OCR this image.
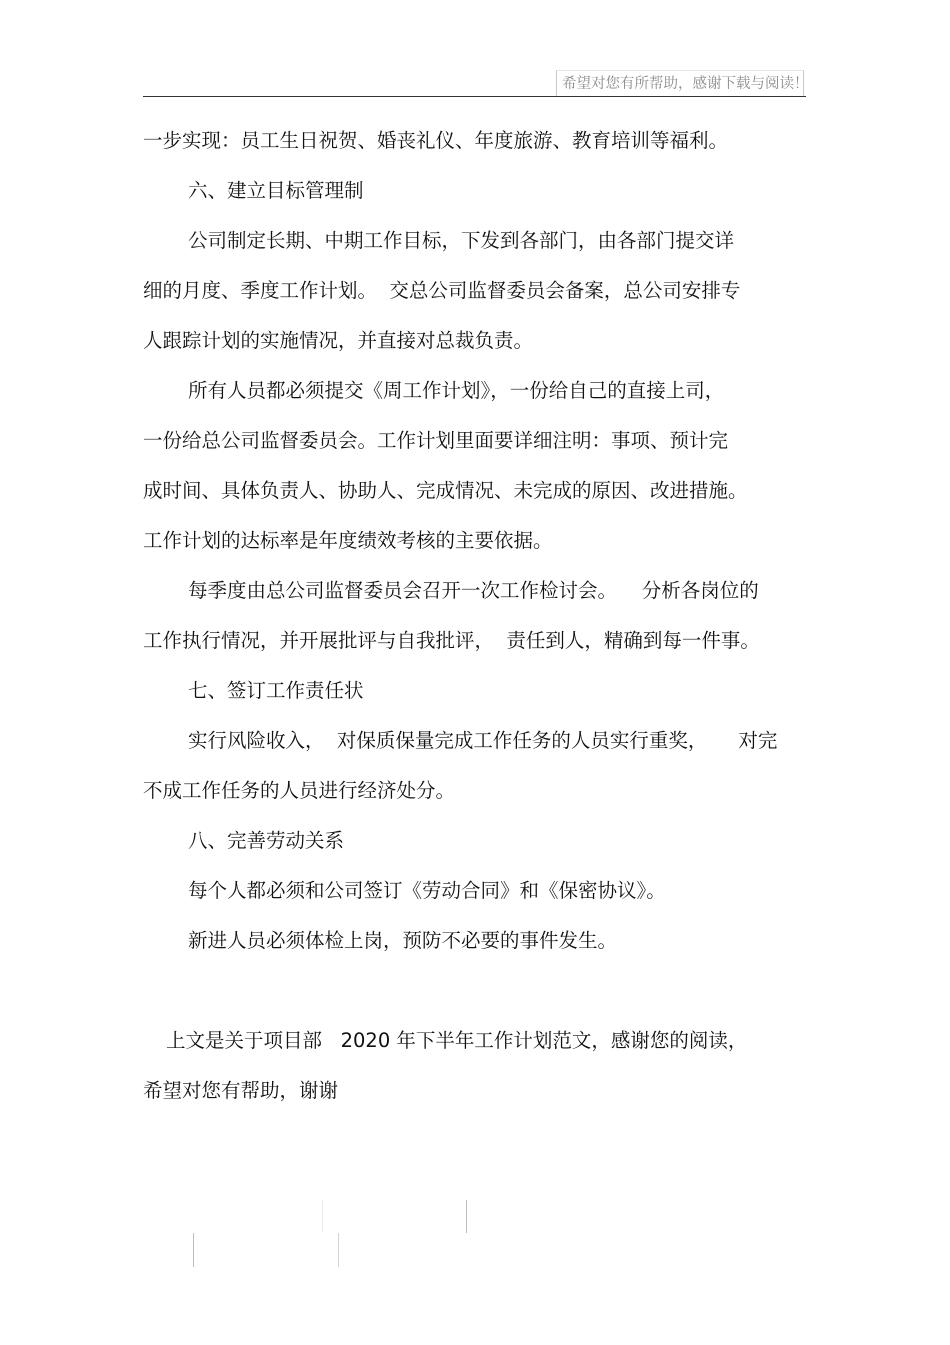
希望对您有所帮助，感谢下载与阅读！
一步实现：员工生日祝贺、婚丧礼仪、年度旅游、教育培训等福利。
六、建立目标管理制
公司制定长期、中期工作目标，下发到各部门，由各部门提交详
细的月度、季度工作计划。  交总公司监督委员会备案，总公司安排专
人跟踪计划的实施情况，并直接对总裁负责。
所有人员都必须提交《周工作计划》，一份给自己的直接上司，
一份给总公司监督委员会。工作计划里面要详细注明：事项、预计完
成时间、具体负责人、协助人、完成情况、未完成的原因、改进措施。
工作计划的达标率是年度绩效考核的主要依据。
每季度由总公司监督委员会召开一次工作检讨会。    分析各岗位的
工作执行情况，并开展批评与自我批评，  责任到人，精确到每一件事。
七、签订工作责任状
实行风险收入，  对保质保量完成工作任务的人员实行重奖，     对完
不成工作任务的人员进行经济处分。
八、完善劳动关系
每个人都必须和公司签订《劳动合同》和《保密协议》。
新进人员必须体检上岗，预防不必要的事件发生。
上文是关于项目部   2020 年下半年工作计划范文，感谢您的阅读，
希望对您有帮助，谢谢
